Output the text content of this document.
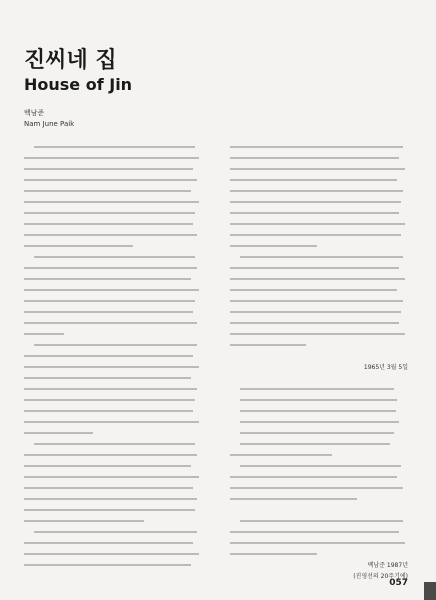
진씨네 집
House of Jin
백남준
Nam June Paik
1965년 3월 5일
백남준 1987년
(진영선의 20주기에)
057
